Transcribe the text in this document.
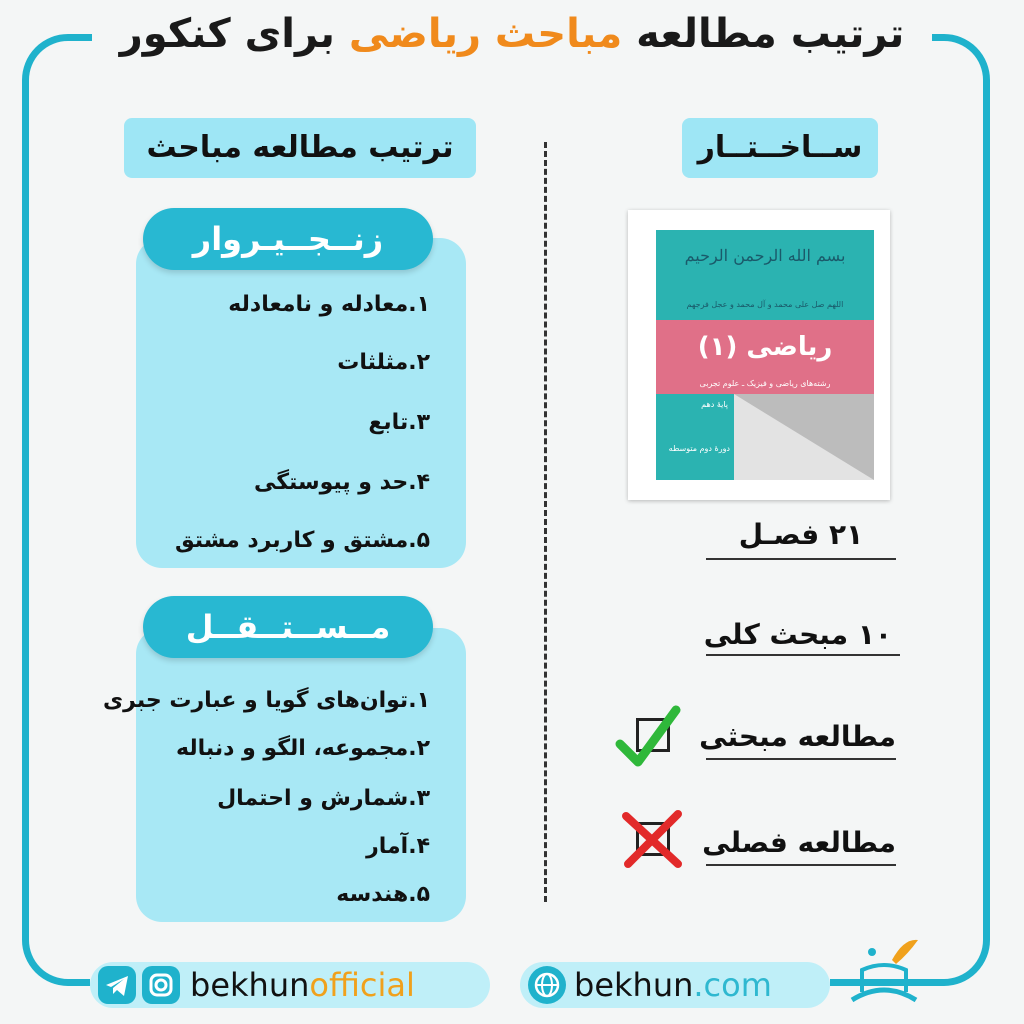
ترتیب مطالعه مباحث ریاضی برای کنکور
ترتیب مطالعه مباحث	ســاخــتــار
زنــجــیـروار
۱.معادله و نامعادله
۲.مثلثات
۳.تابع
۴.حد و پیوستگی
۵.مشتق و کاربرد مشتق
مــســتــقــل
۱.توان‌های گویا و عبارت جبری
۲.مجموعه، الگو و دنباله
۳.شمارش و احتمال
۴.آمار
۵.هندسه
بسم الله الرحمن الرحیم
اللهم صل علی محمد و آل محمد و عجل فرجهم
ریاضی (۱)
رشته‌های ریاضی و فیزیک ـ علوم تجربی
پایهٔ دهم
دورهٔ دوم متوسطه
۲۱ فصـل
۱۰ مبحث کلی
مطالعه مبحثی
مطالعه فصلی
bekhunofficial	bekhun.com
